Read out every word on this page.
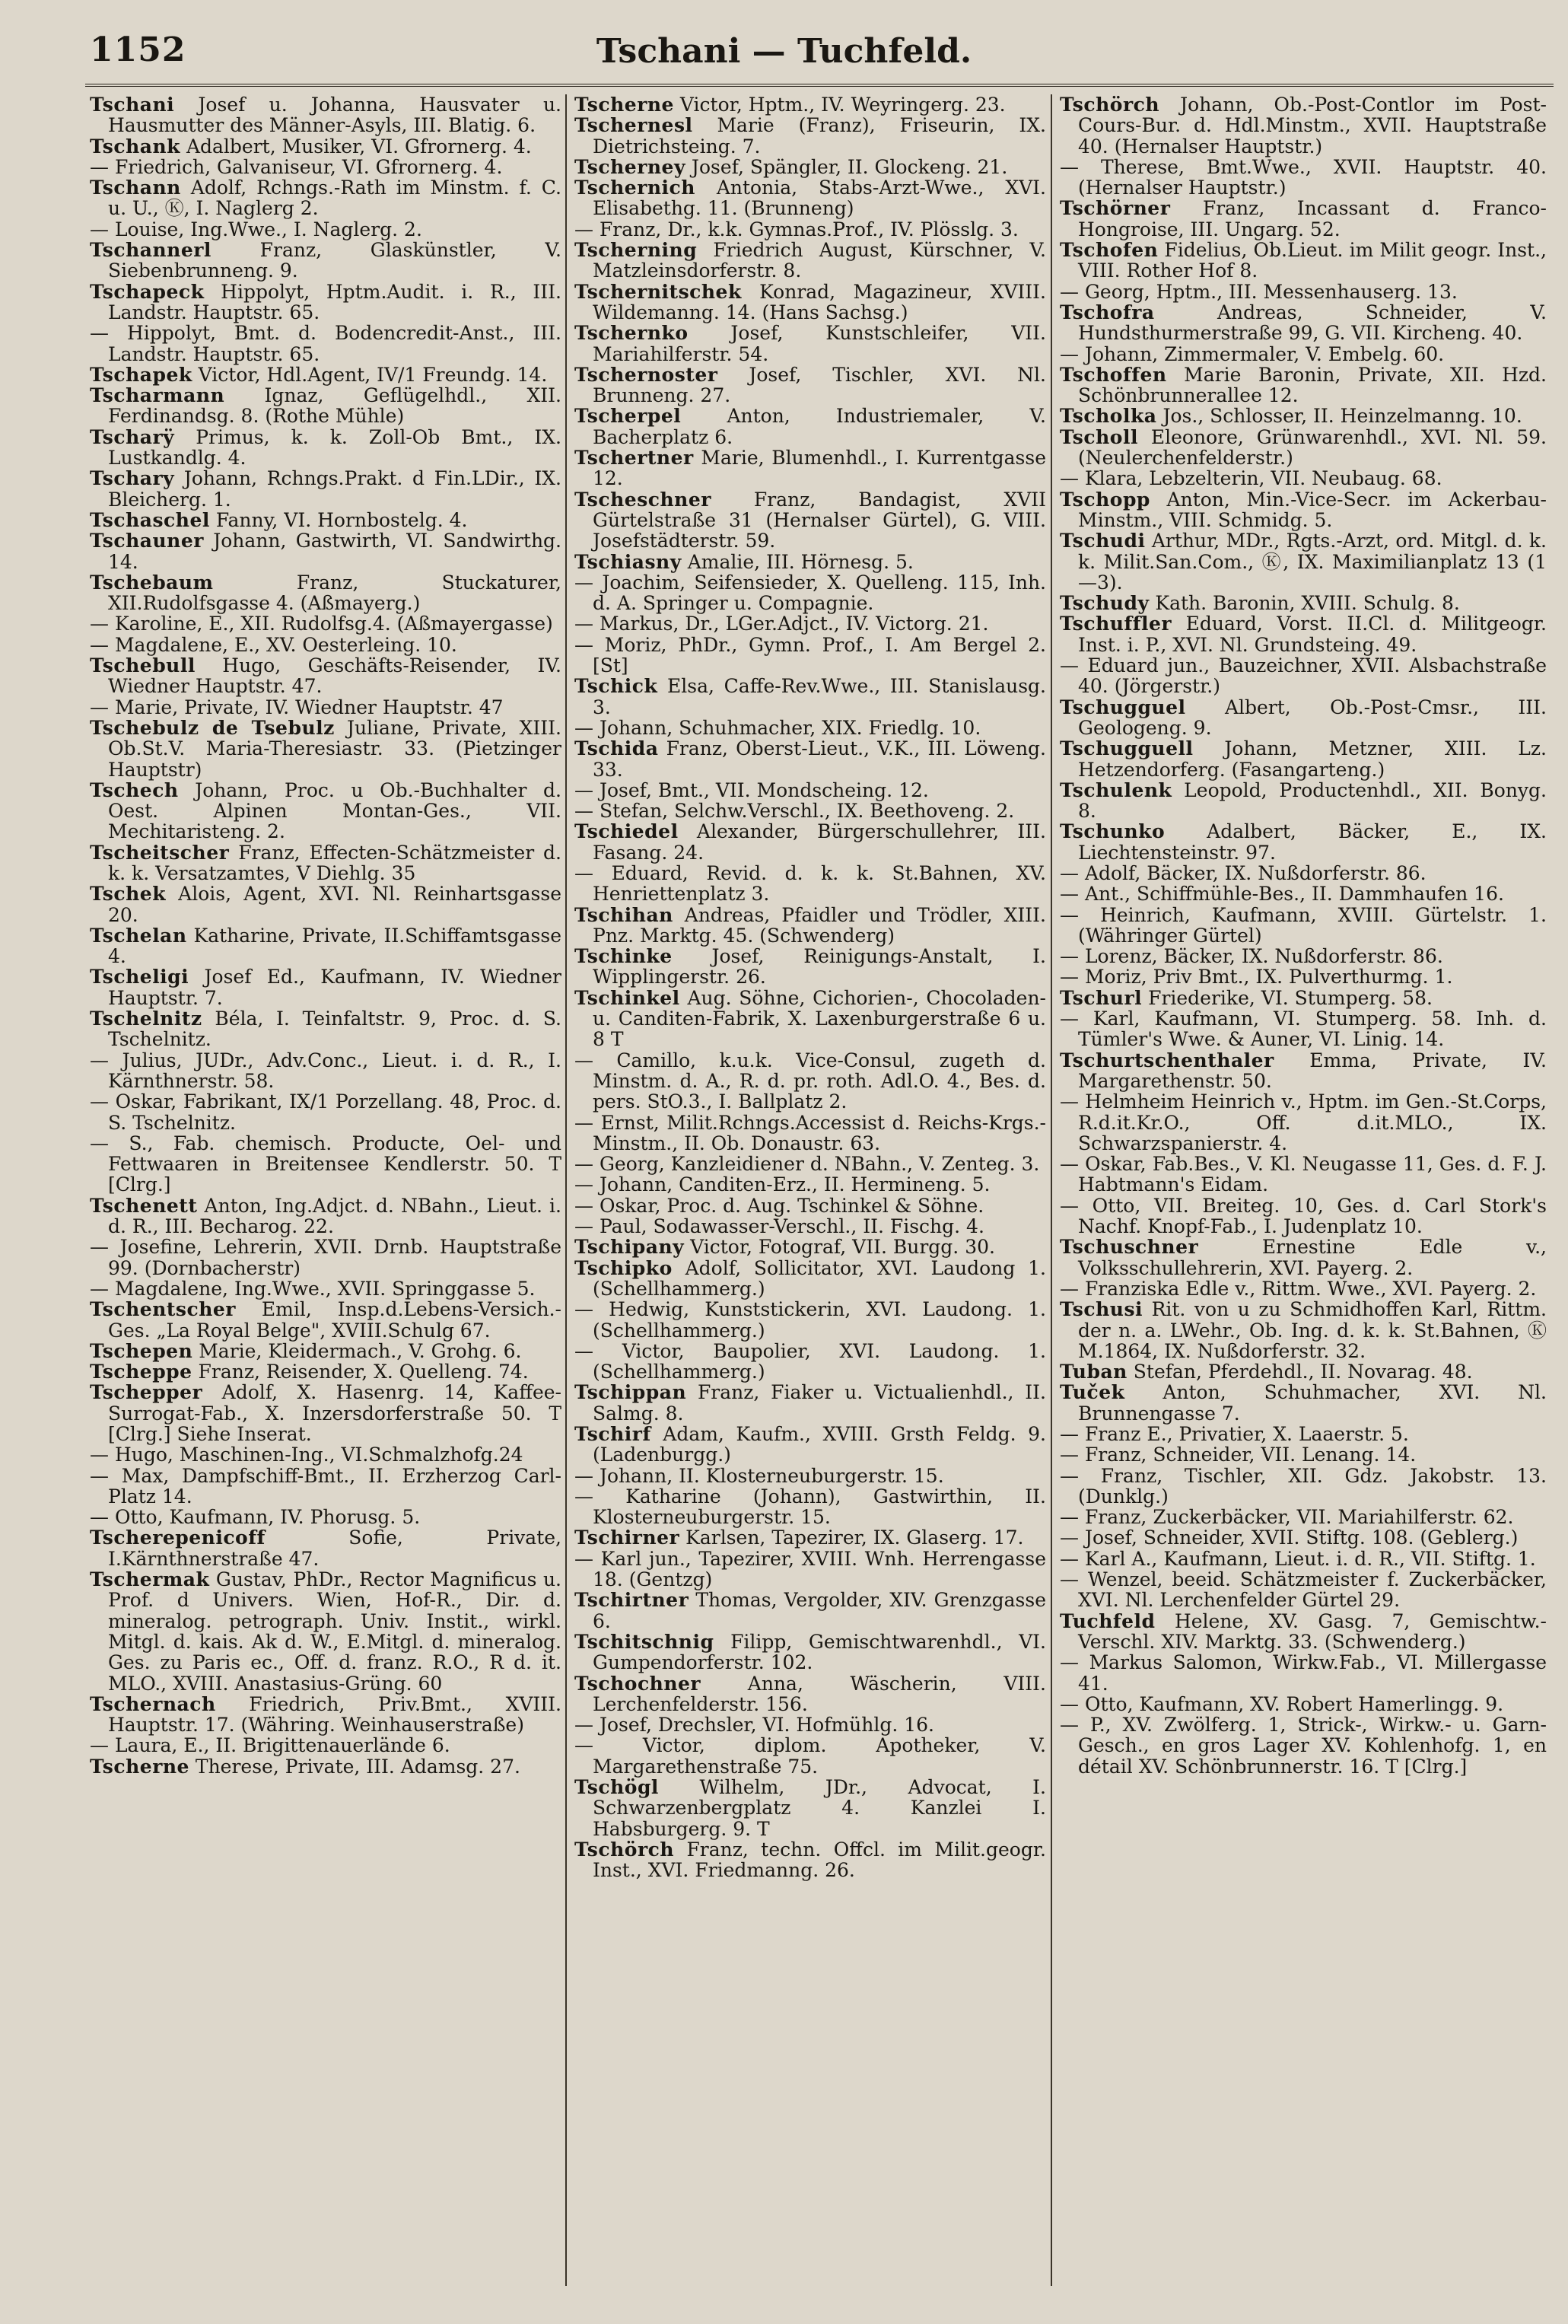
1152	Tschani — Tuchfeld.
Tschani Josef u. Johanna, Hausvater u. Hausmutter des Männer-Asyls, III. Blatig. 6.
Tschank Adalbert, Musiker, VI. Gfrornerg. 4.
— Friedrich, Galvaniseur, VI. Gfrornerg. 4.
Tschann Adolf, Rchngs.-Rath im Minstm. f. C. u. U., Ⓚ, I. Naglerg 2.
— Louise, Ing.Wwe., I. Naglerg. 2.
Tschannerl	Franz, Glaskünstler, V. Siebenbrunneng. 9.
Tschapeck Hippolyt, Hptm.Audit. i. R., III. Landstr. Hauptstr. 65.
— Hippolyt, Bmt. d. Bodencredit-Anst., III. Landstr. Hauptstr. 65.
Tschapek Victor, Hdl.Agent, IV/1 Freundg. 14.
Tscharmann Ignaz, Geflügelhdl., XII. Ferdinandsg. 8. (Rothe Mühle)
Tscharÿ Primus, k. k. Zoll-Ob Bmt., IX. Lustkandlg. 4.
Tschary Johann, Rchngs.Prakt. d Fin.LDir., IX. Bleicherg. 1.
Tschaschel Fanny, VI. Hornbostelg. 4.
Tschauner Johann, Gastwirth, VI. Sandwirthg. 14.
Tschebaum	Franz, Stuckaturer, XII.Rudolfsgasse 4. (Aßmayerg.)
— Karoline, E., XII. Rudolfsg.4. (Aßmayergasse)
— Magdalene, E., XV. Oesterleing. 10.
Tschebull Hugo, Geschäfts-Reisender, IV. Wiedner Hauptstr. 47.
— Marie, Private, IV. Wiedner Hauptstr. 47
Tschebulz de Tsebulz Juliane, Private, XIII. Ob.St.V. Maria-Theresiastr. 33. (Pietzinger Hauptstr)
Tschech Johann, Proc. u Ob.-Buchhalter d. Oest. Alpinen Montan-Ges., VII. Mechitaristeng. 2.
Tscheitscher Franz, Effecten-Schätzmeister d. k. k. Versatzamtes, V Diehlg. 35
Tschek Alois, Agent, XVI. Nl. Reinhartsgasse 20.
Tschelan Katharine, Private, II.Schiffamtsgasse 4.
Tscheligi Josef Ed., Kaufmann, IV. Wiedner Hauptstr. 7.
Tschelnitz Béla, I. Teinfaltstr. 9, Proc. d. S. Tschelnitz.
— Julius, JUDr., Adv.Conc., Lieut. i. d. R., I. Kärnthnerstr. 58.
— Oskar, Fabrikant, IX/1 Porzellang. 48, Proc. d. S. Tschelnitz.
— S., Fab. chemisch. Producte, Oel- und Fettwaaren in Breitensee Kendlerstr. 50. T [Clrg.]
Tschenett Anton, Ing.Adjct. d. NBahn., Lieut. i. d. R., III. Becharog. 22.
— Josefine, Lehrerin, XVII. Drnb. Hauptstraße 99. (Dornbacherstr)
— Magdalene, Ing.Wwe., XVII. Springgasse 5.
Tschentscher Emil, Insp.d.Lebens-Versich.-Ges. „La Royal Belge", XVIII.Schulg 67.
Tschepen Marie, Kleidermach., V. Grohg. 6.
Tscheppe Franz, Reisender, X. Quelleng. 74.
Tschepper Adolf, X. Hasenrg. 14, Kaffee-Surrogat-Fab., X. Inzersdorferstraße 50. T [Clrg.] Siehe Inserat.
— Hugo, Maschinen-Ing., VI.Schmalzhofg.24
— Max, Dampfschiff-Bmt., II. Erzherzog Carl-Platz 14.
— Otto, Kaufmann, IV. Phorusg. 5.
Tscherepenicoff	Sofie, Private, I.Kärnthnerstraße 47.
Tschermak Gustav, PhDr., Rector Magnificus u. Prof. d Univers. Wien, Hof-R., Dir. d. mineralog. petrograph. Univ. Instit., wirkl. Mitgl. d. kais. Ak d. W., E.Mitgl. d. mineralog. Ges. zu Paris ec., Off. d. franz. R.O., R d. it. MLO., XVIII. Anastasius-Grüng. 60
Tschernach Friedrich, Priv.Bmt., XVIII. Hauptstr. 17. (Währing. Weinhauserstraße)
— Laura, E., II. Brigittenauerlände 6.
Tscherne Therese, Private, III. Adamsg. 27.
Tscherne Victor, Hptm., IV. Weyringerg. 23.
Tschernesl Marie (Franz), Friseurin, IX. Dietrichsteing. 7.
Tscherney Josef, Spängler, II. Glockeng. 21.
Tschernich Antonia, Stabs-Arzt-Wwe., XVI. Elisabethg. 11. (Brunneng)
— Franz, Dr., k.k. Gymnas.Prof., IV. Plösslg. 3.
Tscherning Friedrich August, Kürschner, V. Matzleinsdorferstr. 8.
Tschernitschek Konrad, Magazineur, XVIII. Wildemanng. 14. (Hans Sachsg.)
Tschernko Josef, Kunstschleifer, VII. Mariahilferstr. 54.
Tschernoster Josef, Tischler, XVI. Nl. Brunneng. 27.
Tscherpel Anton, Industriemaler, V. Bacherplatz 6.
Tschertner Marie, Blumenhdl., I. Kurrentgasse 12.
Tscheschner Franz, Bandagist, XVII Gürtelstraße 31 (Hernalser Gürtel), G. VIII. Josefstädterstr. 59.
Tschiasny Amalie, III. Hörnesg. 5.
— Joachim, Seifensieder, X. Quelleng. 115, Inh. d. A. Springer u. Compagnie.
— Markus, Dr., LGer.Adjct., IV. Victorg. 21.
— Moriz, PhDr., Gymn. Prof., I. Am Bergel 2. [St]
Tschick Elsa, Caffe-Rev.Wwe., III. Stanislausg. 3.
— Johann, Schuhmacher, XIX. Friedlg. 10.
Tschida Franz, Oberst-Lieut., V.K., III. Löweng. 33.
— Josef, Bmt., VII. Mondscheing. 12.
— Stefan, Selchw.Verschl., IX. Beethoveng. 2.
Tschiedel Alexander, Bürgerschullehrer, III. Fasang. 24.
— Eduard, Revid. d. k. k. St.Bahnen, XV. Henriettenplatz 3.
Tschihan Andreas, Pfaidler und Trödler, XIII. Pnz. Marktg. 45. (Schwenderg)
Tschinke Josef, Reinigungs-Anstalt, I. Wipplingerstr. 26.
Tschinkel Aug. Söhne, Cichorien-, Chocoladen- u. Canditen-Fabrik, X. Laxenburgerstraße 6 u. 8 T
— Camillo, k.u.k. Vice-Consul, zugeth d. Minstm. d. A., R. d. pr. roth. Adl.O. 4., Bes. d. pers. StO.3., I. Ballplatz 2.
— Ernst, Milit.Rchngs.Accessist d. Reichs-Krgs.-Minstm., II. Ob. Donaustr. 63.
— Georg, Kanzleidiener d. NBahn., V. Zenteg. 3.
— Johann, Canditen-Erz., II. Hermineng. 5.
— Oskar, Proc. d. Aug. Tschinkel & Söhne.
— Paul, Sodawasser-Verschl., II. Fischg. 4.
Tschipany Victor, Fotograf, VII. Burgg. 30.
Tschipko Adolf, Sollicitator, XVI. Laudong 1. (Schellhammerg.)
— Hedwig, Kunststickerin, XVI. Laudong. 1. (Schellhammerg.)
— Victor, Baupolier, XVI. Laudong. 1. (Schellhammerg.)
Tschippan Franz, Fiaker u. Victualienhdl., II. Salmg. 8.
Tschirf Adam, Kaufm., XVIII. Grsth Feldg. 9. (Ladenburgg.)
— Johann, II. Klosterneuburgerstr. 15.
— Katharine (Johann), Gastwirthin, II. Klosterneuburgerstr. 15.
Tschirner Karlsen, Tapezirer, IX. Glaserg. 17.
— Karl jun., Tapezirer, XVIII. Wnh. Herrengasse 18. (Gentzg)
Tschirtner Thomas, Vergolder, XIV. Grenzgasse 6.
Tschitschnig Filipp, Gemischtwarenhdl., VI. Gumpendorferstr. 102.
Tschochner Anna, Wäscherin, VIII. Lerchenfelderstr. 156.
— Josef, Drechsler, VI. Hofmühlg. 16.
— Victor, diplom. Apotheker, V. Margarethenstraße 75.
Tschögl Wilhelm, JDr., Advocat, I. Schwarzenbergplatz 4. Kanzlei I. Habsburgerg. 9. T
Tschörch Franz, techn. Offcl. im Milit.geogr. Inst., XVI. Friedmanng. 26.
Tschörch Johann, Ob.-Post-Contlor im Post-Cours-Bur. d. Hdl.Minstm., XVII. Hauptstraße 40. (Hernalser Hauptstr.)
— Therese, Bmt.Wwe., XVII. Hauptstr. 40. (Hernalser Hauptstr.)
Tschörner Franz, Incassant d. Franco-Hongroise, III. Ungarg. 52.
Tschofen Fidelius, Ob.Lieut. im Milit geogr. Inst., VIII. Rother Hof 8.
— Georg, Hptm., III. Messenhauserg. 13.
Tschofra	Andreas, Schneider, V. Hundsthurmerstraße 99, G. VII. Kircheng. 40.
— Johann, Zimmermaler, V. Embelg. 60.
Tschoffen Marie Baronin, Private, XII. Hzd. Schönbrunnerallee 12.
Tscholka Jos., Schlosser, II. Heinzelmanng. 10.
Tscholl Eleonore, Grünwarenhdl., XVI. Nl. 59. (Neulerchenfelderstr.)
— Klara, Lebzelterin, VII. Neubaug. 68.
Tschopp Anton, Min.-Vice-Secr. im Ackerbau-Minstm., VIII. Schmidg. 5.
Tschudi Arthur, MDr., Rgts.-Arzt, ord. Mitgl. d. k. k. Milit.San.Com., Ⓚ, IX. Maximilianplatz 13 (1—3).
Tschudy Kath. Baronin, XVIII. Schulg. 8.
Tschuffler Eduard, Vorst. II.Cl. d. Militgeogr. Inst. i. P., XVI. Nl. Grundsteing. 49.
— Eduard jun., Bauzeichner, XVII. Alsbachstraße 40. (Jörgerstr.)
Tschugguel Albert, Ob.-Post-Cmsr., III. Geologeng. 9.
Tschugguell Johann, Metzner, XIII. Lz. Hetzendorferg. (Fasangarteng.)
Tschulenk Leopold, Productenhdl., XII. Bonyg. 8.
Tschunko Adalbert, Bäcker, E., IX. Liechtensteinstr. 97.
— Adolf, Bäcker, IX. Nußdorferstr. 86.
— Ant., Schiffmühle-Bes., II. Dammhaufen 16.
— Heinrich, Kaufmann, XVIII. Gürtelstr. 1. (Währinger Gürtel)
— Lorenz, Bäcker, IX. Nußdorferstr. 86.
— Moriz, Priv Bmt., IX. Pulverthurmg. 1.
Tschurl Friederike, VI. Stumperg. 58.
— Karl, Kaufmann, VI. Stumperg. 58. Inh. d. Tümler's Wwe. & Auner, VI. Linig. 14.
Tschurtschenthaler Emma, Private, IV. Margarethenstr. 50.
— Helmheim Heinrich v., Hptm. im Gen.-St.Corps, R.d.it.Kr.O., Off. d.it.MLO., IX. Schwarzspanierstr. 4.
— Oskar, Fab.Bes., V. Kl. Neugasse 11, Ges. d. F. J. Habtmann's Eidam.
— Otto, VII. Breiteg. 10, Ges. d. Carl Stork's Nachf. Knopf-Fab., I. Judenplatz 10.
Tschuschner	Ernestine Edle v., Volksschullehrerin, XVI. Payerg. 2.
— Franziska Edle v., Rittm. Wwe., XVI. Payerg. 2.
Tschusi Rit. von u zu Schmidhoffen Karl, Rittm. der n. a. LWehr., Ob. Ing. d. k. k. St.Bahnen, Ⓚ M.1864, IX. Nußdorferstr. 32.
Tuban Stefan, Pferdehdl., II. Novarag. 48.
Tuček Anton, Schuhmacher, XVI. Nl. Brunnengasse 7.
— Franz E., Privatier, X. Laaerstr. 5.
— Franz, Schneider, VII. Lenang. 14.
— Franz, Tischler, XII. Gdz. Jakobstr. 13. (Dunklg.)
— Franz, Zuckerbäcker, VII. Mariahilferstr. 62.
— Josef, Schneider, XVII. Stiftg. 108. (Geblerg.)
— Karl A., Kaufmann, Lieut. i. d. R., VII. Stiftg. 1.
— Wenzel, beeid. Schätzmeister f. Zuckerbäcker, XVI. Nl. Lerchenfelder Gürtel 29.
Tuchfeld Helene, XV. Gasg. 7, Gemischtw.-Verschl. XIV. Marktg. 33. (Schwenderg.)
— Markus Salomon, Wirkw.Fab., VI. Millergasse 41.
— Otto, Kaufmann, XV. Robert Hamerlingg. 9.
— P., XV. Zwölferg. 1, Strick-, Wirkw.- u. Garn-Gesch., en gros Lager XV. Kohlenhofg. 1, en détail XV. Schönbrunnerstr. 16. T [Clrg.]
